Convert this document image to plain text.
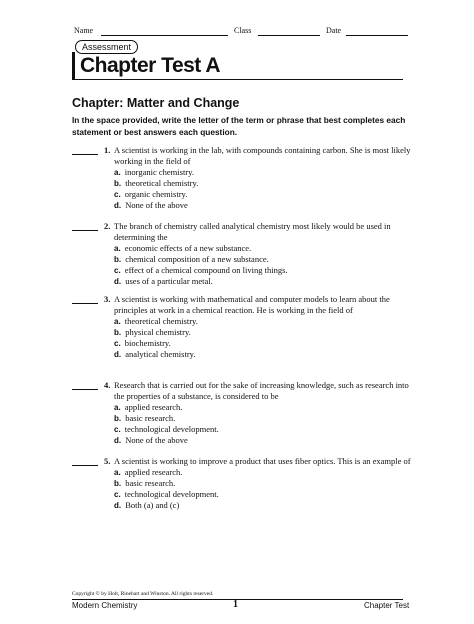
Name	Class	Date
Assessment
Chapter Test A
Chapter: Matter and Change
In the space provided, write the letter of the term or phrase that best completes each statement or best answers each question.
1. A scientist is working in the lab, with compounds containing carbon. She is most likely working in the field of
a. inorganic chemistry.
b. theoretical chemistry.
c. organic chemistry.
d. None of the above
2. The branch of chemistry called analytical chemistry most likely would be used in determining the
a. economic effects of a new substance.
b. chemical composition of a new substance.
c. effect of a chemical compound on living things.
d. uses of a particular metal.
3. A scientist is working with mathematical and computer models to learn about the principles at work in a chemical reaction. He is working in the field of
a. theoretical chemistry.
b. physical chemistry.
c. biochemistry.
d. analytical chemistry.
4. Research that is carried out for the sake of increasing knowledge, such as research into the properties of a substance, is considered to be
a. applied research.
b. basic research.
c. technological development.
d. None of the above
5. A scientist is working to improve a product that uses fiber optics. This is an example of
a. applied research.
b. basic research.
c. technological development.
d. Both (a) and (c)
Copyright © by Holt, Rinehart and Winston. All rights reserved.
Modern Chemistry	1	Chapter Test
